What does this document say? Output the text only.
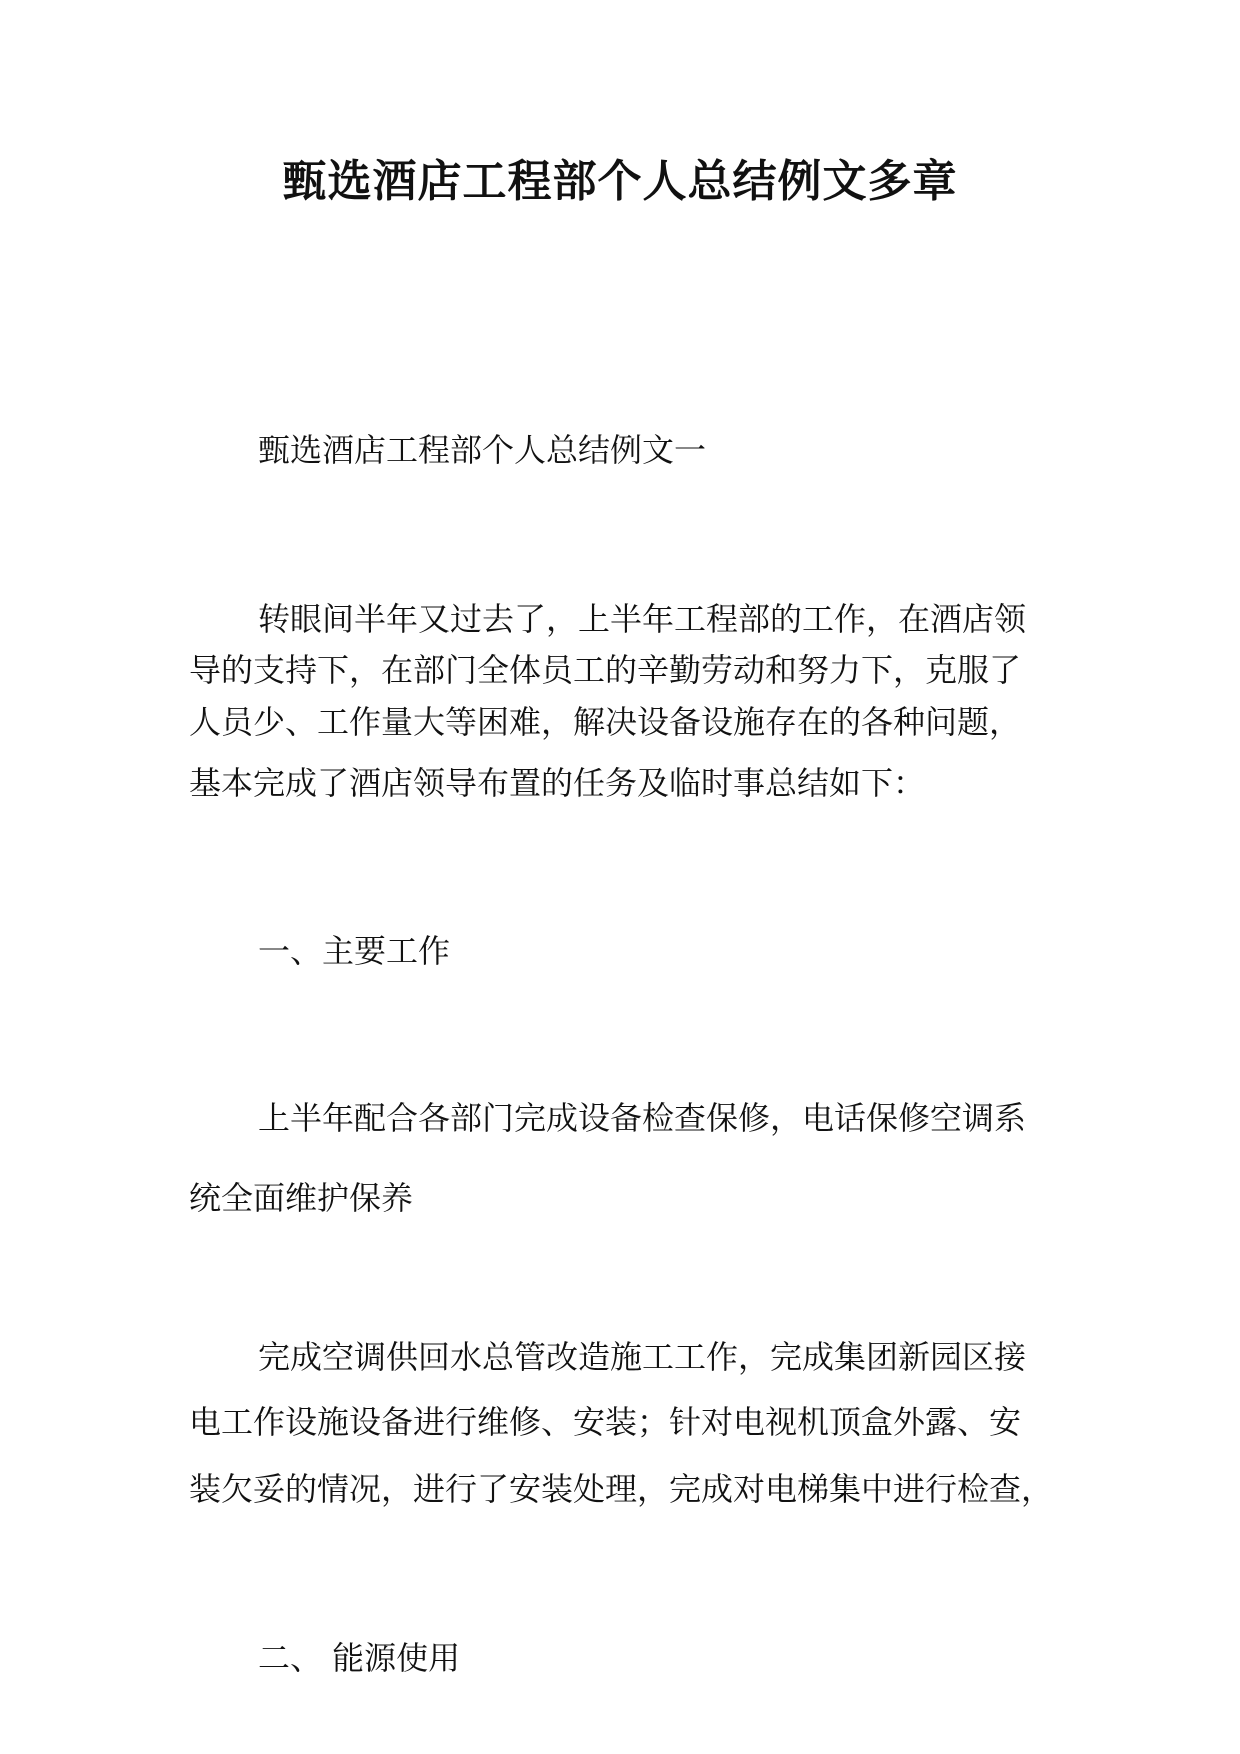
甄选酒店工程部个人总结例文多章

甄选酒店工程部个人总结例文一

转眼间半年又过去了，上半年工程部的工作，在酒店领

导的支持下，在部门全体员工的辛勤劳动和努力下，克服了

人员少、工作量大等困难，解决设备设施存在的各种问题，

基本完成了酒店领导布置的任务及临时事总结如下：

一、主要工作

上半年配合各部门完成设备检查保修，电话保修空调系

统全面维护保养

完成空调供回水总管改造施工工作，完成集团新园区接

电工作设施设备进行维修、安装；针对电视机顶盒外露、安

装欠妥的情况，进行了安装处理，完成对电梯集中进行检查，

二、 能源使用
